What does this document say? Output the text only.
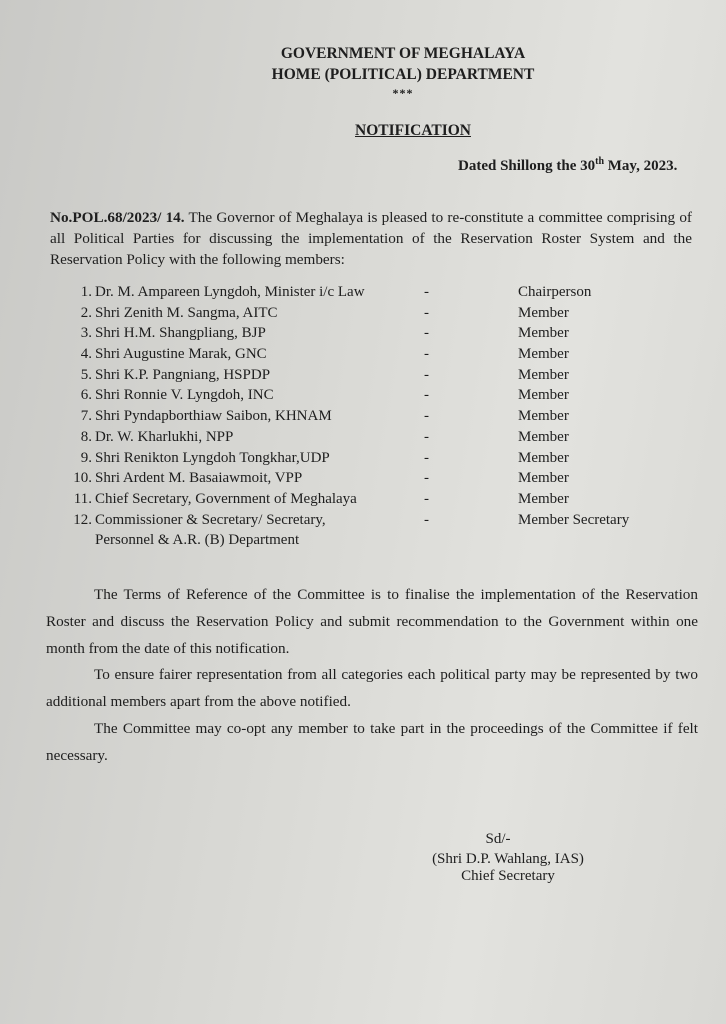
GOVERNMENT OF MEGHALAYA
HOME (POLITICAL) DEPARTMENT
***
NOTIFICATION
Dated Shillong the 30th May, 2023.
No.POL.68/2023/ 14. The Governor of Meghalaya is pleased to re-constitute a committee comprising of all Political Parties for discussing the implementation of the Reservation Roster System and the Reservation Policy with the following members:
1. Dr. M. Ampareen Lyngdoh, Minister i/c Law	-	Chairperson
2. Shri Zenith M. Sangma, AITC	-	Member
3. Shri H.M. Shangpliang, BJP	-	Member
4. Shri Augustine Marak, GNC	-	Member
5. Shri K.P. Pangniang, HSPDP	-	Member
6. Shri Ronnie V. Lyngdoh, INC	-	Member
7. Shri Pyndapborthiaw Saibon, KHNAM	-	Member
8. Dr. W. Kharlukhi, NPP	-	Member
9. Shri Renikton Lyngdoh Tongkhar,UDP	-	Member
10. Shri Ardent M. Basaiawmoit, VPP	-	Member
11. Chief Secretary, Government of Meghalaya	-	Member
12. Commissioner & Secretary/ Secretary,	-	Member Secretary
Personnel & A.R. (B) Department
The Terms of Reference of the Committee is to finalise the implementation of the Reservation Roster and discuss the Reservation Policy and submit recommendation to the Government within one month from the date of this notification.
To ensure fairer representation from all categories each political party may be represented by two additional members apart from the above notified.
The Committee may co-opt any member to take part in the proceedings of the Committee if felt necessary.
Sd/-
(Shri D.P. Wahlang, IAS)
Chief Secretary
